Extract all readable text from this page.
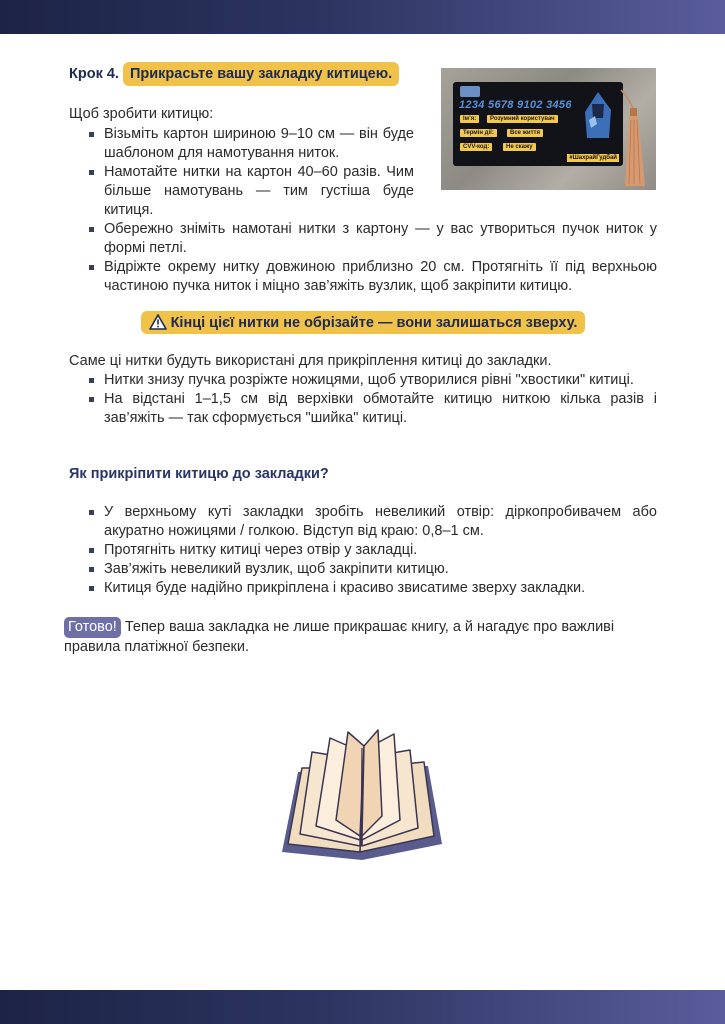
Крок 4. Прикрасьте вашу закладку китицею.
1234 5678 9102 3456
Ім’я:	Розумний користувач
Термін дії:	Все життя
CVV-код:	Не скажу
#ШахрайГудбай
Щоб зробити китицю:
Візьміть картон шириною 9–10 см — він буде шаблоном для намотування ниток.
Намотайте нитки на картон 40–60 разів. Чим більше намотувань — тим густіша буде китиця.
Обережно зніміть намотані нитки з картону — у вас утвориться пучок ниток у формі петлі.
Відріжте окрему нитку довжиною приблизно 20 см. Протягніть її під верхньою частиною пучка ниток і міцно зав’яжіть вузлик, щоб закріпити китицю.
Кінці цієї нитки не обрізайте — вони залишаться зверху.
Саме ці нитки будуть використані для прикріплення китиці до закладки.
Нитки знизу пучка розріжте ножицями, щоб утворилися рівні "хвостики" китиці.
На відстані 1–1,5 см від верхівки обмотайте китицю ниткою кілька разів і зав’яжіть — так сформується "шийка" китиці.
Як прикріпити китицю до закладки?
У верхньому куті закладки зробіть невеликий отвір: діркопробивачем або акуратно ножицями / голкою. Відступ від краю: 0,8–1 см.
Протягніть нитку китиці через отвір у закладці.
Зав’яжіть невеликий вузлик, щоб закріпити китицю.
Китиця буде надійно прикріплена і красиво звисатиме зверху закладки.
Готово! Тепер ваша закладка не лише прикрашає книгу, а й нагадує про важливі правила платіжної безпеки.
